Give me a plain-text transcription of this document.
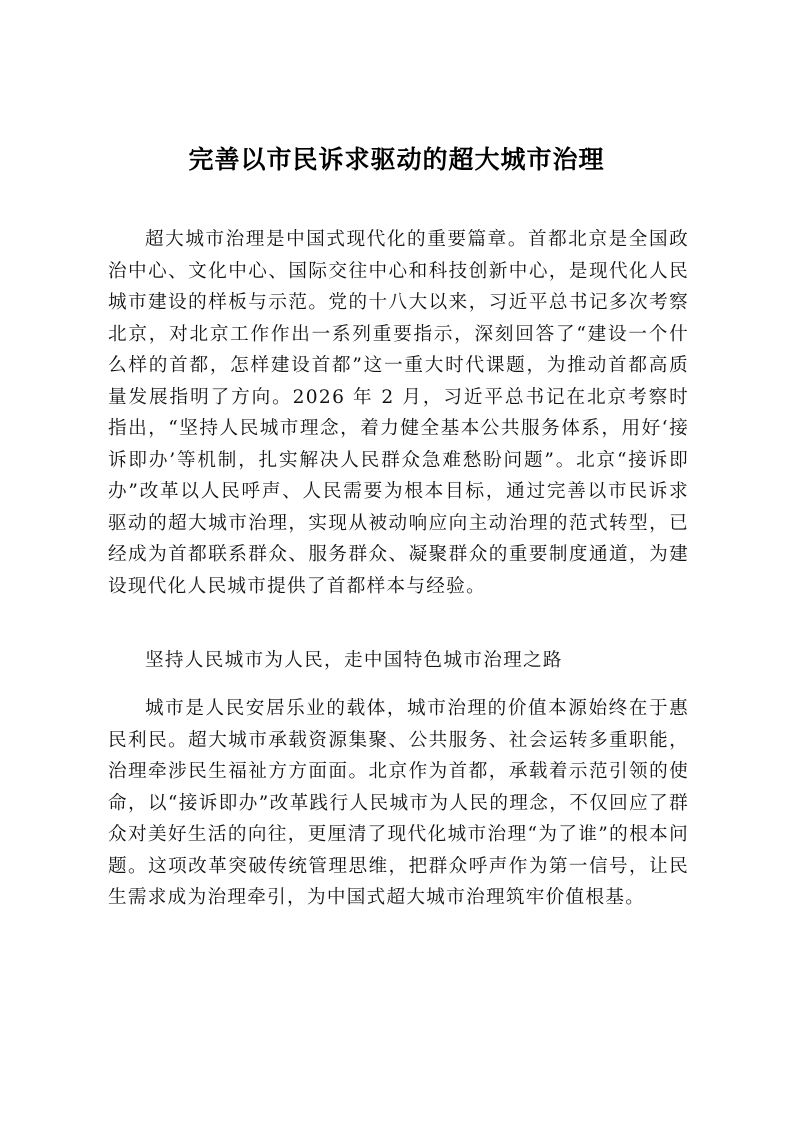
完善以市民诉求驱动的超大城市治理

超大城市治理是中国式现代化的重要篇章。首都北京是全国政治中心、文化中心、国际交往中心和科技创新中心，是现代化人民城市建设的样板与示范。党的十八大以来，习近平总书记多次考察北京，对北京工作作出一系列重要指示，深刻回答了“建设一个什么样的首都，怎样建设首都”这一重大时代课题，为推动首都高质量发展指明了方向。2026 年 2 月，习近平总书记在北京考察时指出，“坚持人民城市理念，着力健全基本公共服务体系，用好‘接诉即办’等机制，扎实解决人民群众急难愁盼问题”。北京“接诉即办”改革以人民呼声、人民需要为根本目标，通过完善以市民诉求驱动的超大城市治理，实现从被动响应向主动治理的范式转型，已经成为首都联系群众、服务群众、凝聚群众的重要制度通道，为建设现代化人民城市提供了首都样本与经验。

坚持人民城市为人民，走中国特色城市治理之路

城市是人民安居乐业的载体，城市治理的价值本源始终在于惠民利民。超大城市承载资源集聚、公共服务、社会运转多重职能，治理牵涉民生福祉方方面面。北京作为首都，承载着示范引领的使命，以“接诉即办”改革践行人民城市为人民的理念，不仅回应了群众对美好生活的向往，更厘清了现代化城市治理“为了谁”的根本问题。这项改革突破传统管理思维，把群众呼声作为第一信号，让民生需求成为治理牵引，为中国式超大城市治理筑牢价值根基。
